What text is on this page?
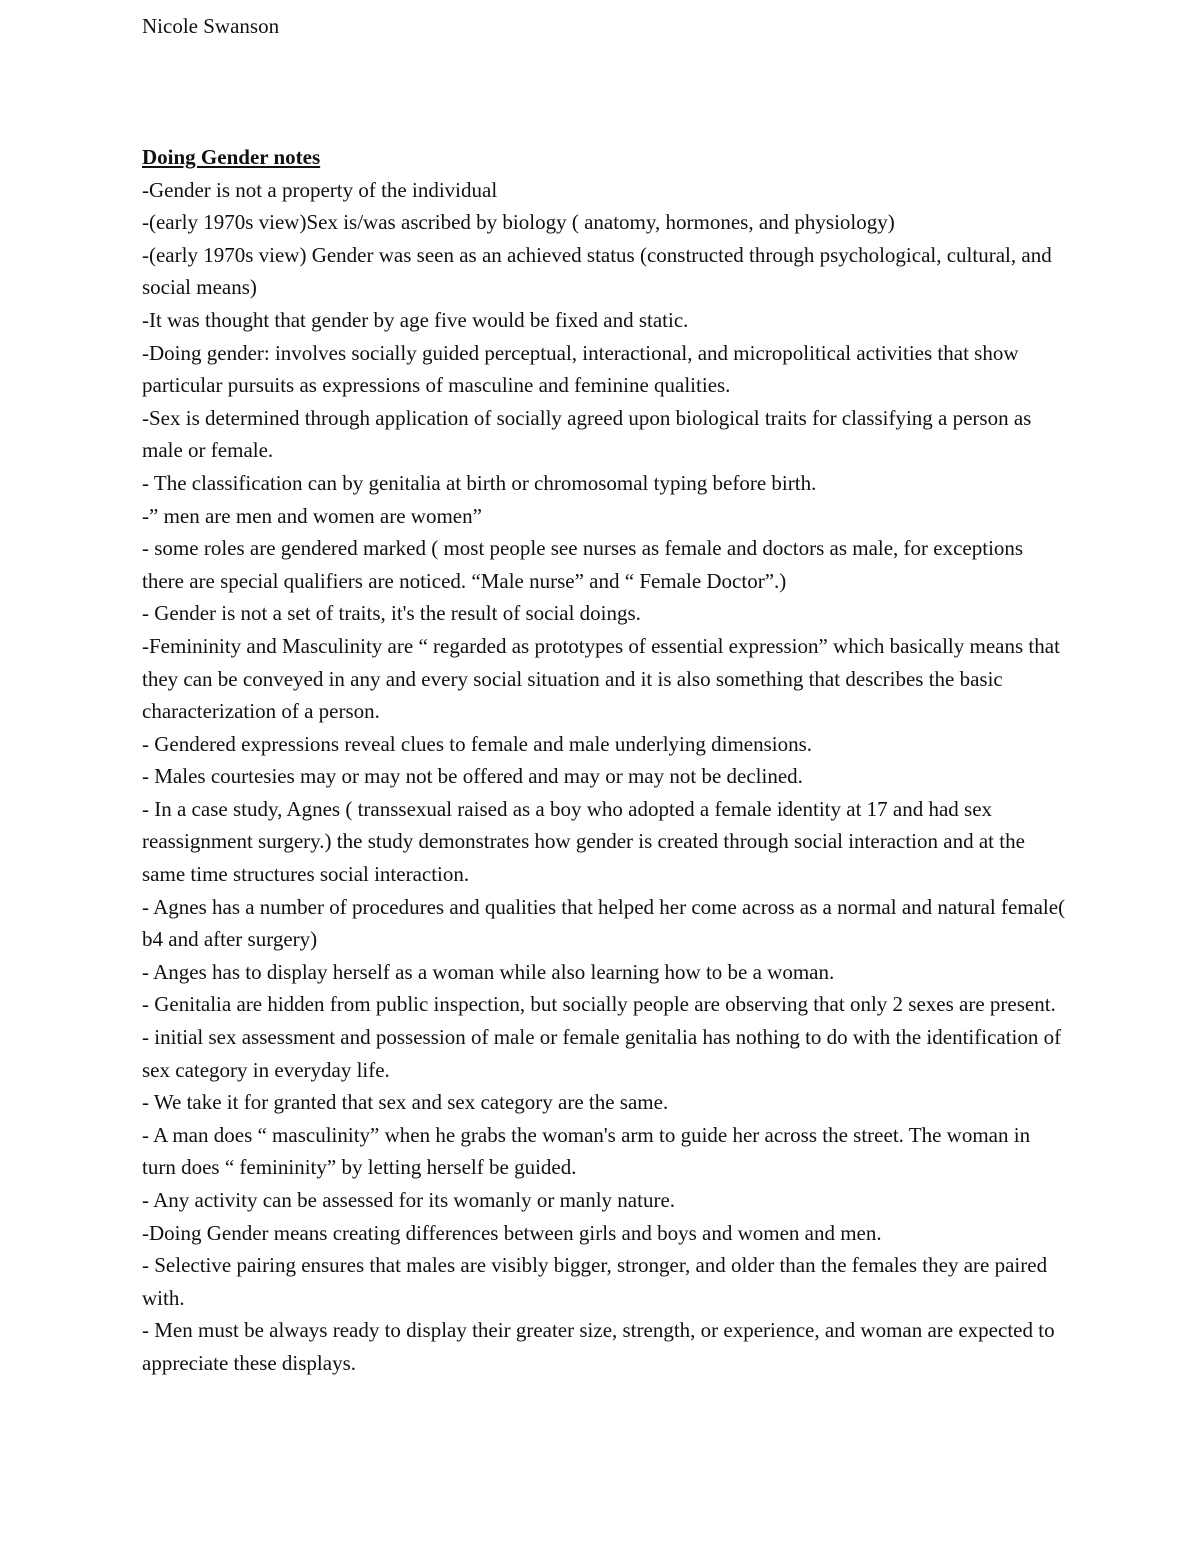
Nicole Swanson

Doing Gender notes
-Gender is not a property of the individual
-(early 1970s view)Sex is/was ascribed by biology ( anatomy, hormones, and physiology)
-(early 1970s view) Gender was seen as an achieved status (constructed through psychological, cultural, and social means)
-It was thought that gender by age five would be fixed and static.
-Doing gender: involves socially guided perceptual, interactional, and micropolitical activities that show particular pursuits as expressions of masculine and feminine qualities.
-Sex is determined through application of socially agreed upon biological traits for classifying a person as male or female.
- The classification can by genitalia at birth or chromosomal typing before birth.
-” men are men and women are women”
- some roles are gendered marked ( most people see nurses as female and doctors as male, for exceptions there are special qualifiers are noticed. “Male nurse” and “ Female Doctor”.)
- Gender is not a set of traits, it's the result of social doings.
-Femininity and Masculinity are “ regarded as prototypes of essential expression” which basically means that they can be conveyed in any and every social situation and it is also something that describes the basic characterization of a person.
- Gendered expressions reveal clues to female and male underlying dimensions.
- Males courtesies may or may not be offered and may or may not be declined.
- In a case study, Agnes ( transsexual raised as a boy who adopted a female identity at 17 and had sex reassignment surgery.) the study demonstrates how gender is created through social interaction and at the same time structures social interaction.
- Agnes has a number of procedures and qualities that helped her come across as a normal and natural female( b4 and after surgery)
- Anges has to display herself as a woman while also learning how to be a woman.
- Genitalia are hidden from public inspection, but socially people are observing that only 2 sexes are present.
- initial sex assessment and possession of male or female genitalia has nothing to do with the identification of sex category in everyday life.
- We take it for granted that sex and sex category are the same.
- A man does “ masculinity” when he grabs the woman's arm to guide her across the street. The woman in turn does “ femininity” by letting herself be guided.
- Any activity can be assessed for its womanly or manly nature.
-Doing Gender means creating differences between girls and boys and women and men.
- Selective pairing ensures that males are visibly bigger, stronger, and older than the females they are paired with.
- Men must be always ready to display their greater size, strength, or experience, and woman are expected to appreciate these displays.
